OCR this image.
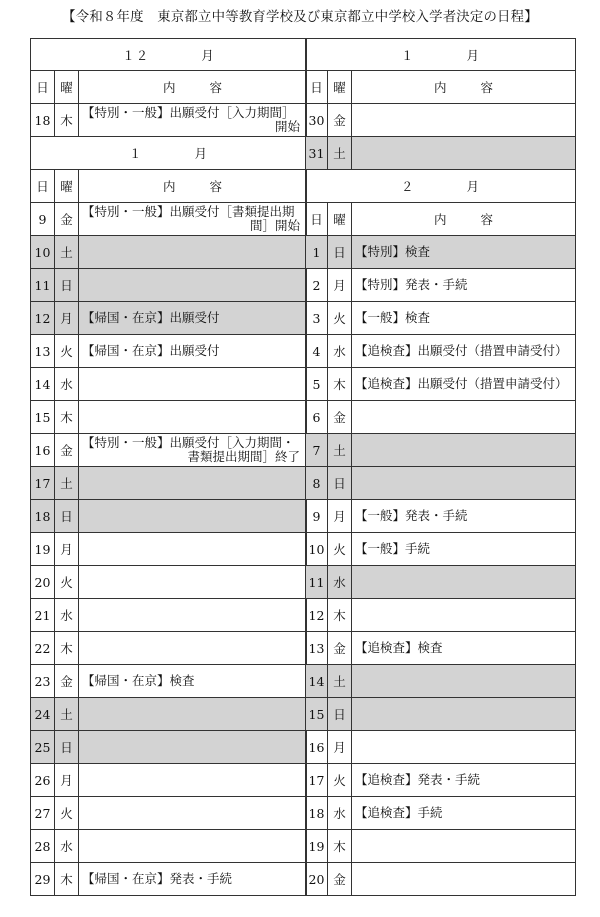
【令和８年度　東京都立中等教育学校及び東京都立中学校入学者決定の日程】
１２ 月		
日	曜	内 容
18	木	【特別・一般】出願受付［入力期間］
開始

１ 月		
日	曜	内 容
9	金	【特別・一般】出願受付［書類提出期
間］開始

10	土	
11	日	
12	月	【帰国・在京】出願受付
13	火	【帰国・在京】出願受付
14	水	
15	木	
16	金	【特別・一般】出願受付［入力期間・
書類提出期間］終了

17	土	
18	日	
19	月	
20	火	
21	水	
22	木	
23	金	【帰国・在京】検査
24	土	
25	日	
26	月	
27	火	
28	水	
29	木	【帰国・在京】発表・手続
１ 月		
日	曜	内 容
30	金	
31	土	
２ 月		
日	曜	内 容
1	日	【特別】検査
2	月	【特別】発表・手続
3	火	【一般】検査
4	水	【追検査】出願受付（措置申請受付）
5	木	【追検査】出願受付（措置申請受付）
6	金	
7	土	
8	日	
9	月	【一般】発表・手続
10	火	【一般】手続
11	水	
12	木	
13	金	【追検査】検査
14	土	
15	日	
16	月	
17	火	【追検査】発表・手続
18	水	【追検査】手続
19	木	
20	金	
